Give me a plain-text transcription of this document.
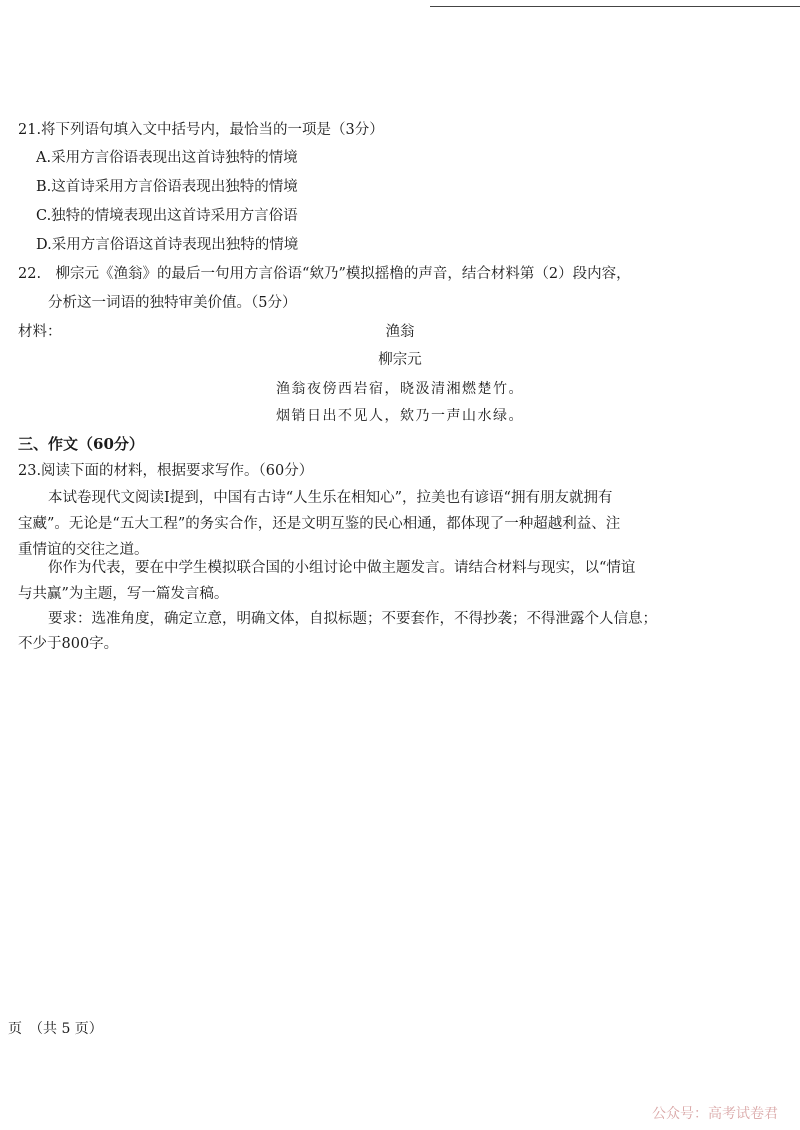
21.将下列语句填入文中括号内，最恰当的一项是（3分）
A.采用方言俗语表现出这首诗独特的情境
B.这首诗采用方言俗语表现出独特的情境
C.独特的情境表现出这首诗采用方言俗语
D.采用方言俗语这首诗表现出独特的情境
22.　柳宗元《渔翁》的最后一句用方言俗语“欸乃”模拟摇橹的声音，结合材料第（2）段内容，
分析这一词语的独特审美价值。（5分）
材料：	渔翁
柳宗元
渔翁夜傍西岩宿，晓汲清湘燃楚竹。
烟销日出不见人，欸乃一声山水绿。
三、作文（60分）
23.阅读下面的材料，根据要求写作。（60分）
本试卷现代文阅读Ⅰ提到，中国有古诗“人生乐在相知心”，拉美也有谚语“拥有朋友就拥有
宝藏”。无论是“五大工程”的务实合作，还是文明互鉴的民心相通，都体现了一种超越利益、注
重情谊的交往之道。
你作为代表，要在中学生模拟联合国的小组讨论中做主题发言。请结合材料与现实，以“情谊
与共赢”为主题，写一篇发言稿。
要求：选准角度，确定立意，明确文体，自拟标题；不要套作，不得抄袭；不得泄露个人信息；
不少于800字。
页　（共 5 页）
公众号：高考试卷君
